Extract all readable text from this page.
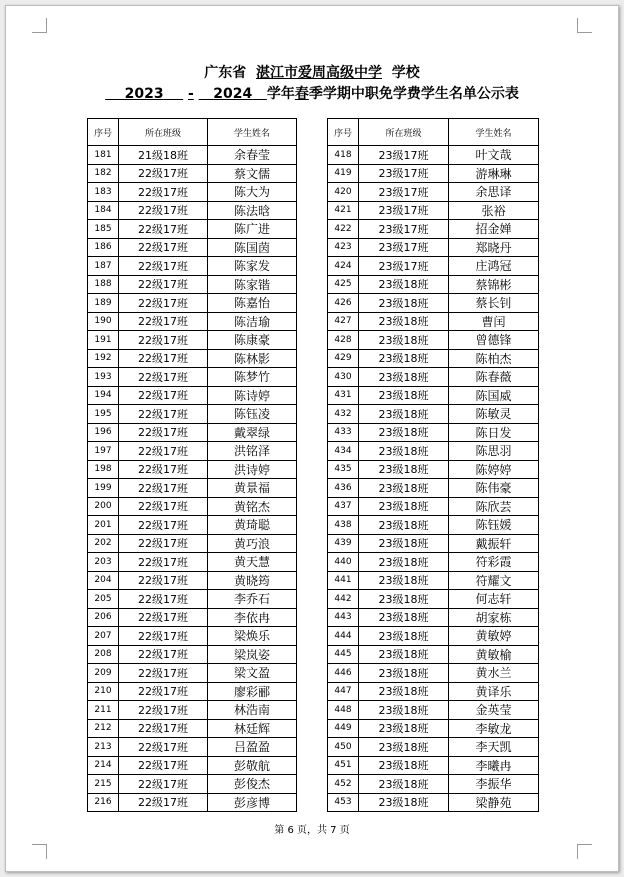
广东省 湛江市爱周高级中学 学校
2023 - 2024 学年春季学期中职免学费学生名单公示表
序号	所在班级	学生姓名
181	21级18班	余春莹
182	22级17班	蔡文儒
183	22级17班	陈大为
184	22级17班	陈法晗
185	22级17班	陈广进
186	22级17班	陈国茵
187	22级17班	陈家发
188	22级17班	陈家锴
189	22级17班	陈嘉怡
190	22级17班	陈洁瑜
191	22级17班	陈康豪
192	22级17班	陈林影
193	22级17班	陈梦竹
194	22级17班	陈诗婷
195	22级17班	陈钰凌
196	22级17班	戴翠绿
197	22级17班	洪铭泽
198	22级17班	洪诗婷
199	22级17班	黄景福
200	22级17班	黄铭杰
201	22级17班	黄琦聪
202	22级17班	黄巧浪
203	22级17班	黄天慧
204	22级17班	黄晓筠
205	22级17班	李乔石
206	22级17班	李依冉
207	22级17班	梁焕乐
208	22级17班	梁岚姿
209	22级17班	梁文盈
210	22级17班	廖彩郦
211	22级17班	林浩南
212	22级17班	林廷辉
213	22级17班	吕盈盈
214	22级17班	彭敬航
215	22级17班	彭俊杰
216	22级17班	彭彦博
序号	所在班级	学生姓名
418	23级17班	叶文哉
419	23级17班	游琳琳
420	23级17班	余思译
421	23级17班	张裕
422	23级17班	招金婵
423	23级17班	郑晓丹
424	23级17班	庄鸿冠
425	23级18班	蔡锦彬
426	23级18班	蔡长钊
427	23级18班	曹闰
428	23级18班	曾德锋
429	23级18班	陈柏杰
430	23级18班	陈春薇
431	23级18班	陈国威
432	23级18班	陈敏灵
433	23级18班	陈日发
434	23级18班	陈思羽
435	23级18班	陈婷婷
436	23级18班	陈伟豪
437	23级18班	陈欣芸
438	23级18班	陈钰媛
439	23级18班	戴振轩
440	23级18班	符彩霞
441	23级18班	符耀文
442	23级18班	何志轩
443	23级18班	胡家栋
444	23级18班	黄敏婷
445	23级18班	黄敏榆
446	23级18班	黄水兰
447	23级18班	黄译乐
448	23级18班	金英莹
449	23级18班	李敏龙
450	23级18班	李天凯
451	23级18班	李曦冉
452	23级18班	李振华
453	23级18班	梁静苑
第 6 页，共 7 页
